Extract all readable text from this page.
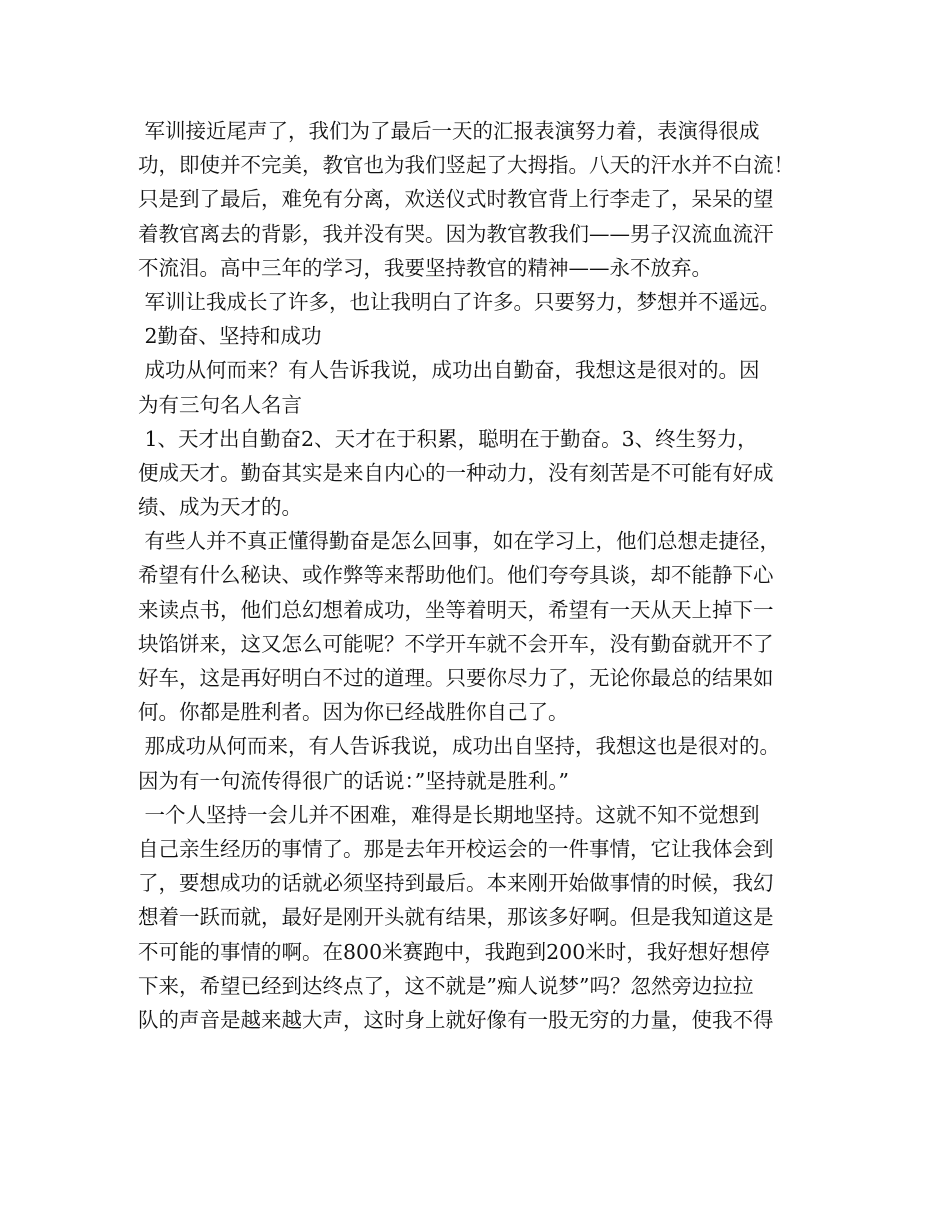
军训接近尾声了，我们为了最后一天的汇报表演努力着，表演得很成
功，即使并不完美，教官也为我们竖起了大拇指。八天的汗水并不白流！
只是到了最后，难免有分离，欢送仪式时教官背上行李走了，呆呆的望
着教官离去的背影，我并没有哭。因为教官教我们——男子汉流血流汗
不流泪。高中三年的学习，我要坚持教官的精神——永不放弃。
军训让我成长了许多，也让我明白了许多。只要努力，梦想并不遥远。
2勤奋、坚持和成功
成功从何而来？有人告诉我说，成功出自勤奋，我想这是很对的。因
为有三句名人名言
1、天才出自勤奋2、天才在于积累，聪明在于勤奋。3、终生努力，
便成天才。勤奋其实是来自内心的一种动力，没有刻苦是不可能有好成
绩、成为天才的。
有些人并不真正懂得勤奋是怎么回事，如在学习上，他们总想走捷径，
希望有什么秘诀、或作弊等来帮助他们。他们夸夸具谈，却不能静下心
来读点书，他们总幻想着成功，坐等着明天，希望有一天从天上掉下一
块馅饼来，这又怎么可能呢？不学开车就不会开车，没有勤奋就开不了
好车，这是再好明白不过的道理。只要你尽力了，无论你最总的结果如
何。你都是胜利者。因为你已经战胜你自己了。
那成功从何而来，有人告诉我说，成功出自坚持，我想这也是很对的。
因为有一句流传得很广的话说：”坚持就是胜利。”
一个人坚持一会儿并不困难，难得是长期地坚持。这就不知不觉想到
自己亲生经历的事情了。那是去年开校运会的一件事情，它让我体会到
了，要想成功的话就必须坚持到最后。本来刚开始做事情的时候，我幻
想着一跃而就，最好是刚开头就有结果，那该多好啊。但是我知道这是
不可能的事情的啊。在800米赛跑中，我跑到200米时，我好想好想停
下来，希望已经到达终点了，这不就是”痴人说梦”吗？忽然旁边拉拉
队的声音是越来越大声，这时身上就好像有一股无穷的力量，使我不得
